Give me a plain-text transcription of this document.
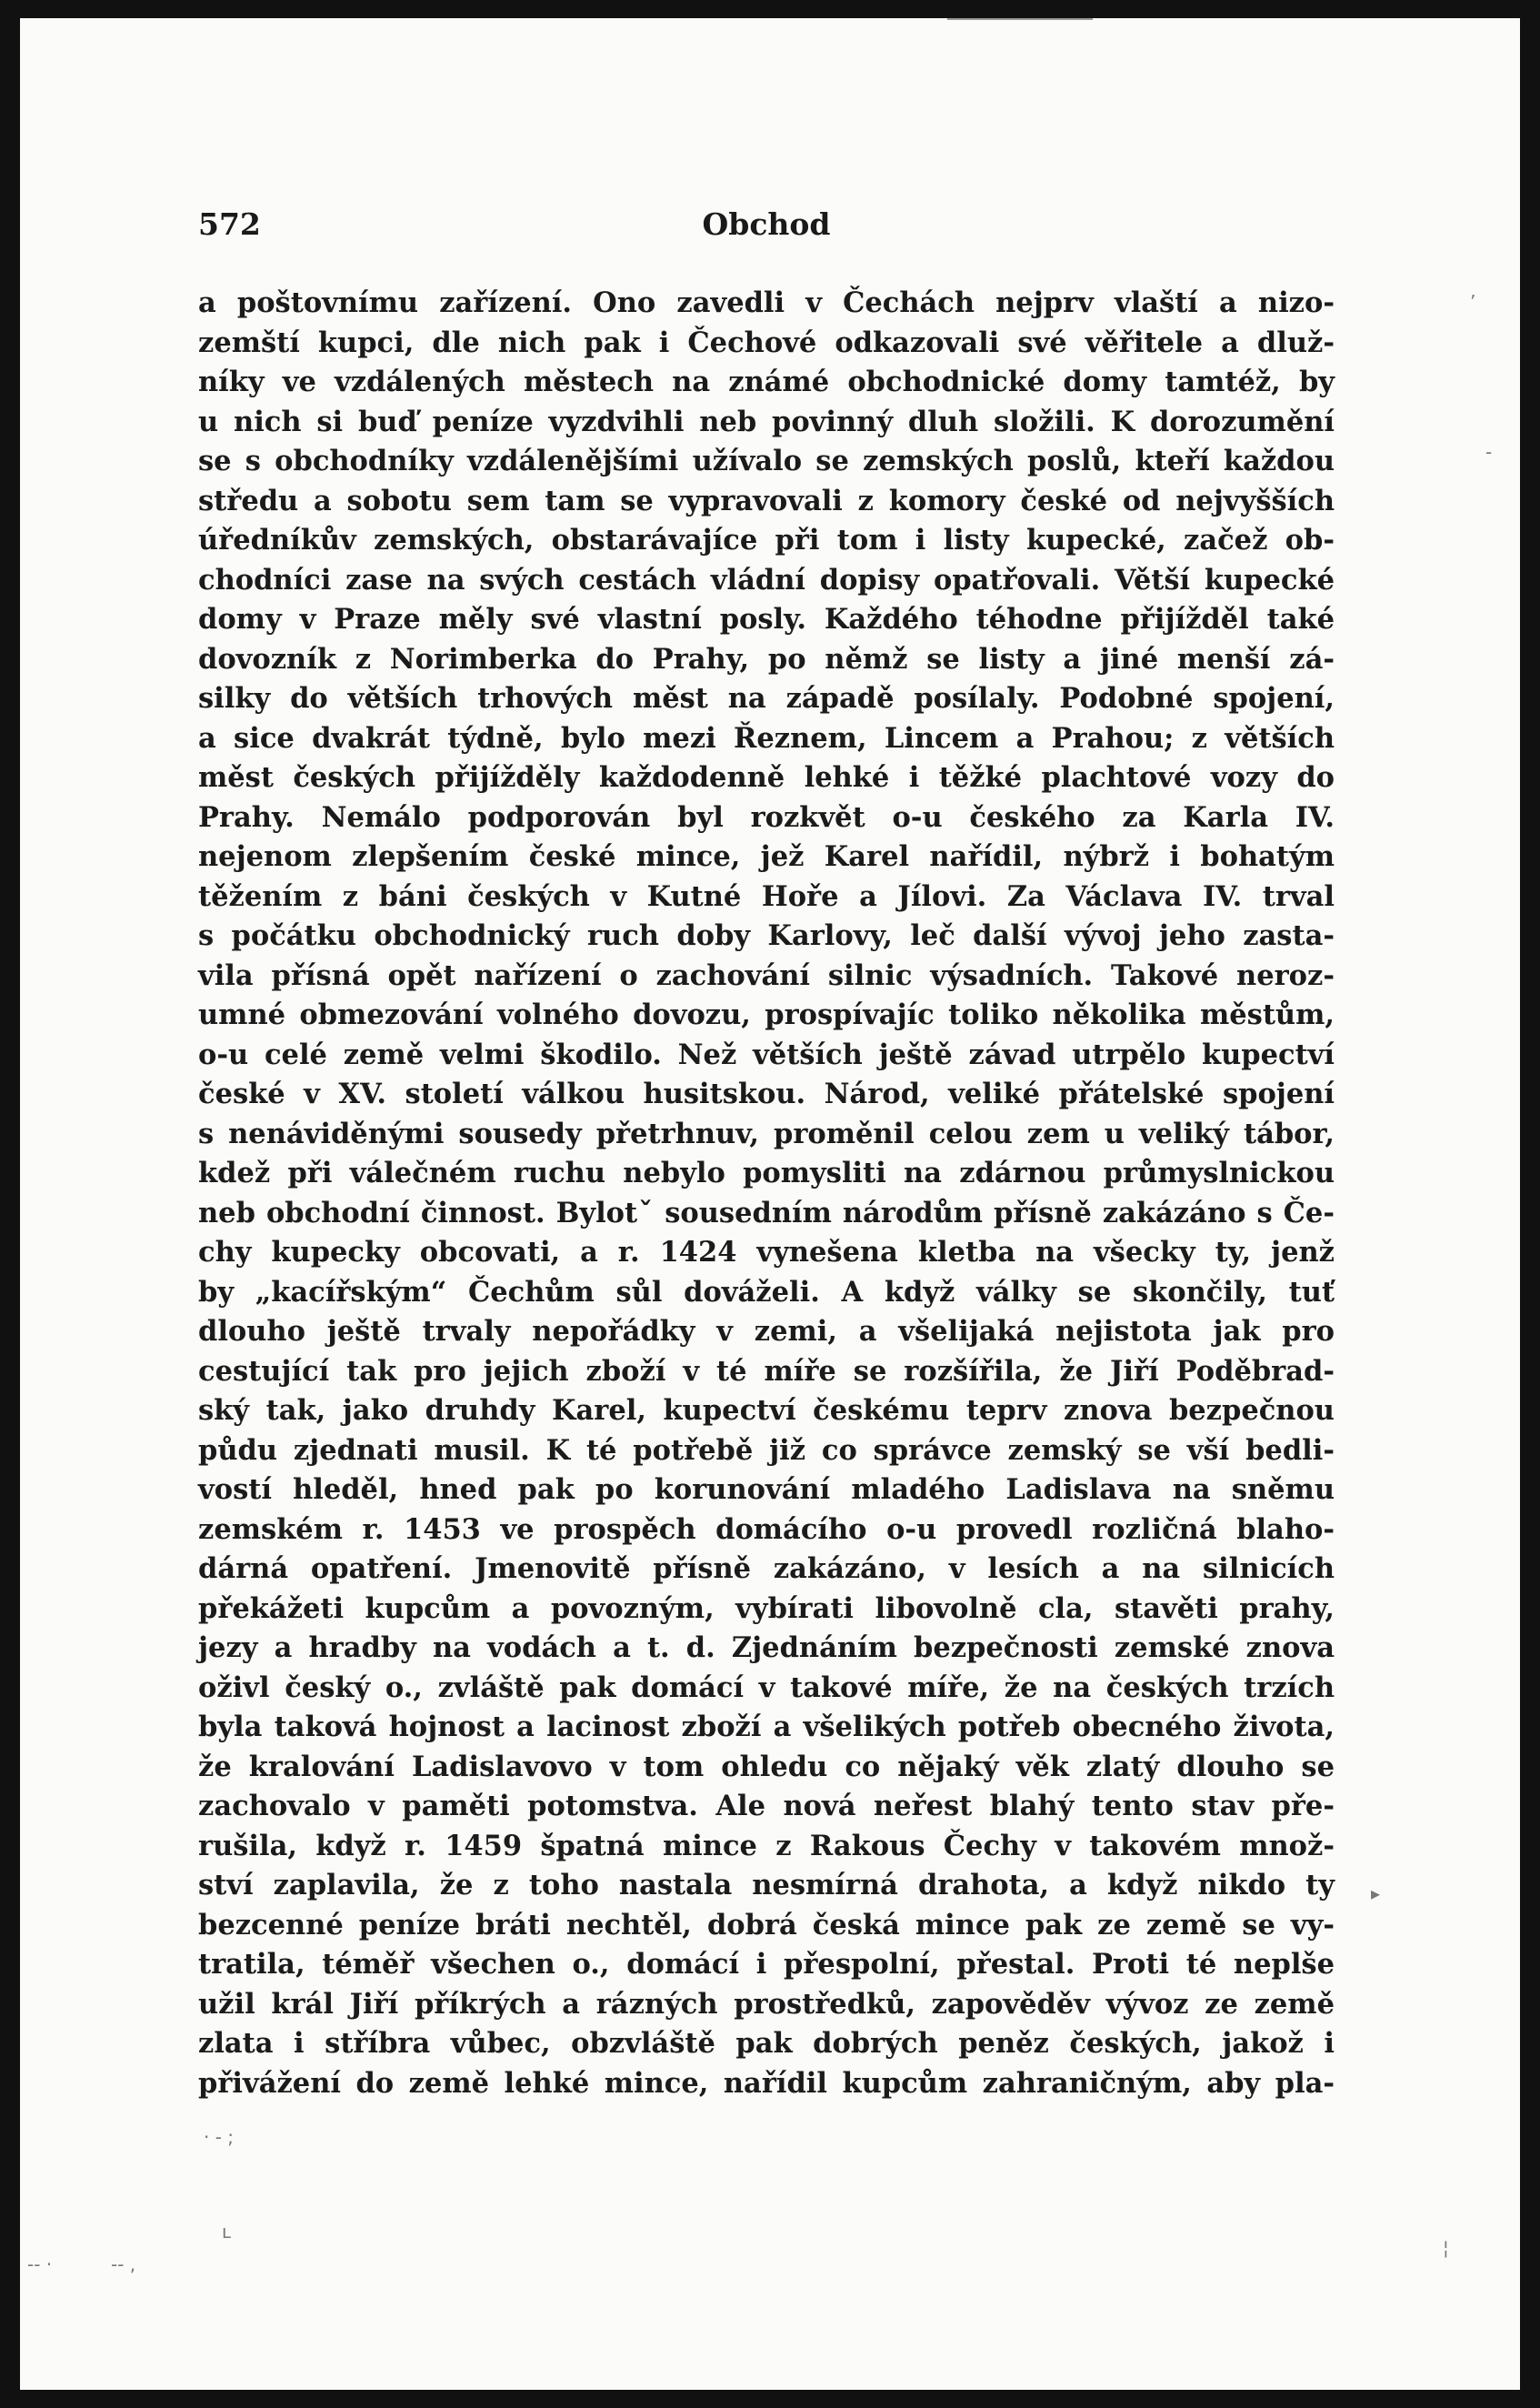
572	Obchod
a poštovnímu zařízení. Ono zavedli v Čechách nejprv vlaští a nizo-
zemští kupci, dle nich pak i Čechové odkazovali své věřitele a dluž-
níky ve vzdálených městech na známé obchodnické domy tamtéž, by
u nich si buď peníze vyzdvihli neb povinný dluh složili. K dorozumění
se s obchodníky vzdálenějšími užívalo se zemských poslů, kteří každou
středu a sobotu sem tam se vypravovali z komory české od nejvyšších
úředníkův zemských, obstarávajíce při tom i listy kupecké, začež ob-
chodníci zase na svých cestách vládní dopisy opatřovali. Větší kupecké
domy v Praze měly své vlastní posly. Každého téhodne přijížděl také
dovozník z Norimberka do Prahy, po němž se listy a jiné menší zá-
silky do větších trhových měst na západě posílaly. Podobné spojení,
a sice dvakrát týdně, bylo mezi Řeznem, Lincem a Prahou; z větších
měst českých přijížděly každodenně lehké i těžké plachtové vozy do
Prahy. Nemálo podporován byl rozkvět o-u českého za Karla IV.
nejenom zlepšením české mince, jež Karel nařídil, nýbrž i bohatým
těžením z báni českých v Kutné Hoře a Jílovi. Za Václava IV. trval
s počátku obchodnický ruch doby Karlovy, leč další vývoj jeho zasta-
vila přísná opět nařízení o zachování silnic výsadních. Takové neroz-
umné obmezování volného dovozu, prospívajíc toliko několika městům,
o-u celé země velmi škodilo. Než větších ještě závad utrpělo kupectví
české v XV. století válkou husitskou. Národ, veliké přátelské spojení
s nenáviděnými sousedy přetrhnuv, proměnil celou zem u veliký tábor,
kdež při válečném ruchu nebylo pomysliti na zdárnou průmyslnickou
neb obchodní činnost. Bylotˇ sousedním národům přísně zakázáno s Če-
chy kupecky obcovati, a r. 1424 vynešena kletba na všecky ty, jenž
by „kacířským“ Čechům sůl dováželi. A když války se skončily, tuť
dlouho ještě trvaly nepořádky v zemi, a všelijaká nejistota jak pro
cestující tak pro jejich zboží v té míře se rozšířila, že Jiří Poděbrad-
ský tak, jako druhdy Karel, kupectví českému teprv znova bezpečnou
půdu zjednati musil. K té potřebě již co správce zemský se vší bedli-
vostí hleděl, hned pak po korunování mladého Ladislava na sněmu
zemském r. 1453 ve prospěch domácího o-u provedl rozličná blaho-
dárná opatření. Jmenovitě přísně zakázáno, v lesích a na silnicích
překážeti kupcům a povozným, vybírati libovolně cla, stavěti prahy,
jezy a hradby na vodách a t. d. Zjednáním bezpečnosti zemské znova
oživl český o., zvláště pak domácí v takové míře, že na českých trzích
byla taková hojnost a lacinost zboží a všelikých potřeb obecného života,
že kralování Ladislavovo v tom ohledu co nějaký věk zlatý dlouho se
zachovalo v paměti potomstva. Ale nová neřest blahý tento stav pře-
rušila, když r. 1459 špatná mince z Rakous Čechy v takovém množ-
ství zaplavila, že z toho nastala nesmírná drahota, a když nikdo ty
bezcenné peníze bráti nechtěl, dobrá česká mince pak ze země se vy-
tratila, téměř všechen o., domácí i přespolní, přestal. Proti té neplše
užil král Jiří příkrých a rázných prostředků, zapověděv vývoz ze země
zlata i stříbra vůbec, obzvláště pak dobrých peněz českých, jakož i
přivážení do země lehké mince, nařídil kupcům zahraničným, aby pla-
’
-
▸
· - ;
ʟ
-- ·	-- ,
¦
